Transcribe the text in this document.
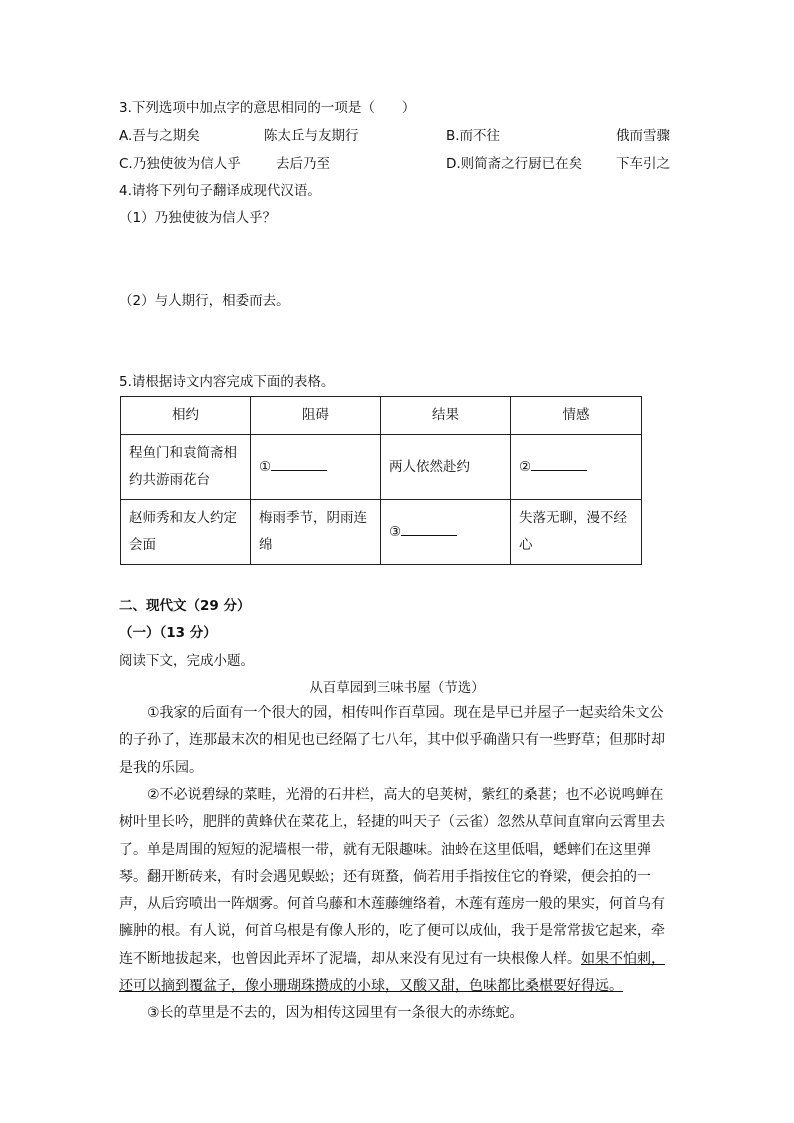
3.下列选项中加点字的意思相同的一项是（　　）
A.吾与之期矣	陈太丘与友期行	B.而不往	俄而雪骤
C.乃独使彼为信人乎	去后乃至	D.则简斋之行厨已在矣	下车引之
4.请将下列句子翻译成现代汉语。
（1）乃独使彼为信人乎？
（2）与人期行，相委而去。
5.请根据诗文内容完成下面的表格。
相约	阻碍	结果	情感
程鱼门和袁简斋相约共游雨花台	①	两人依然赴约	②
赵师秀和友人约定会面	梅雨季节，阴雨连绵	③	失落无聊，漫不经心
二、现代文（29 分）
（一）（13 分）
阅读下文，完成小题。
从百草园到三味书屋（节选）
①我家的后面有一个很大的园，相传叫作百草园。现在是早已并屋子一起卖给朱文公的子孙了，连那最末次的相见也已经隔了七八年，其中似乎确凿只有一些野草；但那时却是我的乐园。
②不必说碧绿的菜畦，光滑的石井栏，高大的皂荚树，紫红的桑葚；也不必说鸣蝉在树叶里长吟，肥胖的黄蜂伏在菜花上，轻捷的叫天子（云雀）忽然从草间直窜向云霄里去了。单是周围的短短的泥墙根一带，就有无限趣味。油蛉在这里低唱，蟋蟀们在这里弹琴。翻开断砖来，有时会遇见蜈蚣；还有斑蝥，倘若用手指按住它的脊梁，便会拍的一声，从后窍喷出一阵烟雾。何首乌藤和木莲藤缠络着，木莲有莲房一般的果实，何首乌有臃肿的根。有人说，何首乌根是有像人形的，吃了便可以成仙，我于是常常拔它起来，牵连不断地拔起来，也曾因此弄坏了泥墙，却从来没有见过有一块根像人样。如果不怕刺，还可以摘到覆盆子，像小珊瑚珠攒成的小球，又酸又甜，色味都比桑椹要好得远。
③长的草里是不去的，因为相传这园里有一条很大的赤练蛇。
